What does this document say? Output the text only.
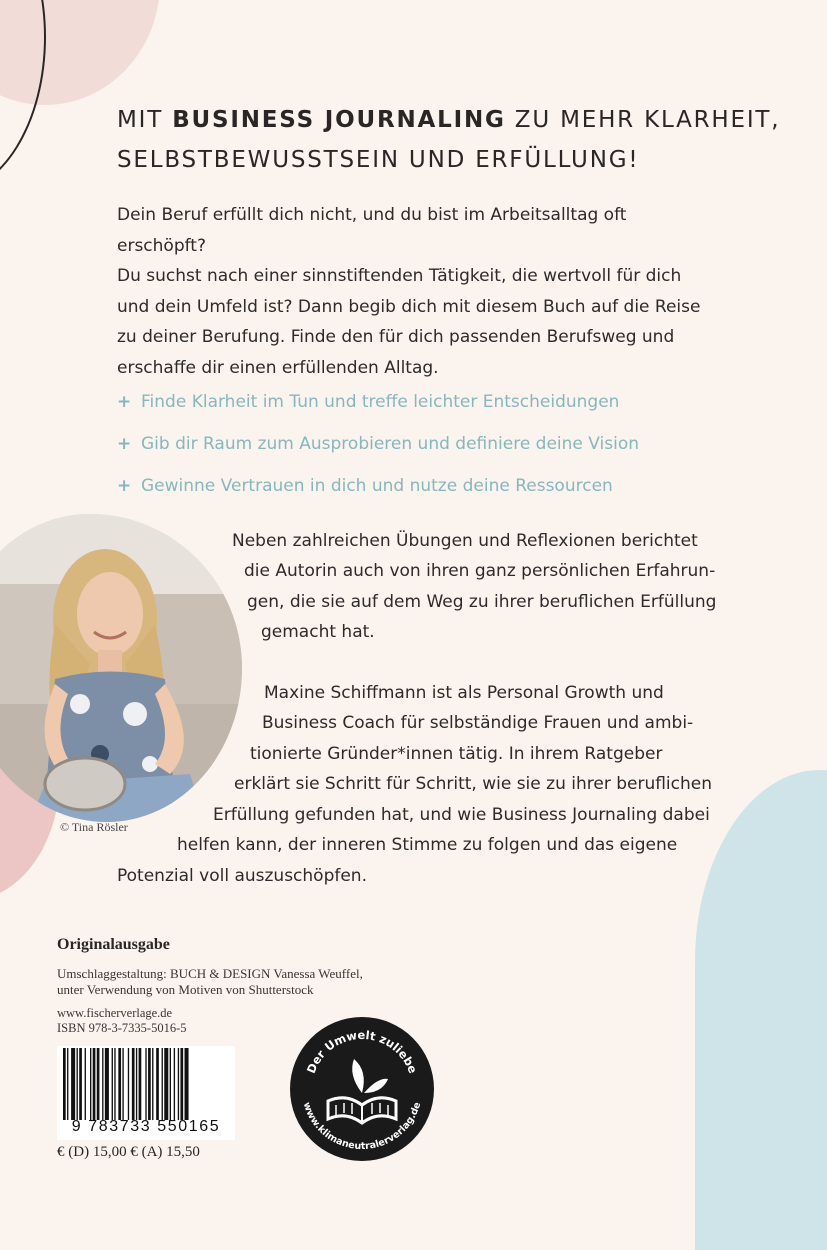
MIT BUSINESS JOURNALING ZU MEHR KLARHEIT,
SELBSTBEWUSSTSEIN UND ERFÜLLUNG!
Dein Beruf erfüllt dich nicht, und du bist im Arbeitsalltag oft erschöpft?
Du suchst nach einer sinnstiftenden Tätigkeit, die wertvoll für dich
und dein Umfeld ist? Dann begib dich mit diesem Buch auf die Reise
zu deiner Berufung. Finde den für dich passenden Berufsweg und
erschaffe dir einen erfüllenden Alltag.
+ Finde Klarheit im Tun und treffe leichter Entscheidungen
+ Gib dir Raum zum Ausprobieren und definiere deine Vision
+ Gewinne Vertrauen in dich und nutze deine Ressourcen
© Tina Rösler
Neben zahlreichen Übungen und Reflexionen berichtet
die Autorin auch von ihren ganz persönlichen Erfahrun-
gen, die sie auf dem Weg zu ihrer beruflichen Erfüllung
gemacht hat.
Maxine Schiffmann ist als Personal Growth und
Business Coach für selbständige Frauen und ambi-
tionierte Gründer*innen tätig. In ihrem Ratgeber
erklärt sie Schritt für Schritt, wie sie zu ihrer beruflichen
Erfüllung gefunden hat, und wie Business Journaling dabei
helfen kann, der inneren Stimme zu folgen und das eigene
Potenzial voll auszuschöpfen.
Originalausgabe
Umschlaggestaltung: BUCH & DESIGN Vanessa Weuffel,
unter Verwendung von Motiven von Shutterstock
www.fischerverlage.de
ISBN 978-3-7335-5016-5
9 783733 550165
€ (D) 15,00 € (A) 15,50
Der Umwelt zuliebe
www.klimaneutralerverlag.de
